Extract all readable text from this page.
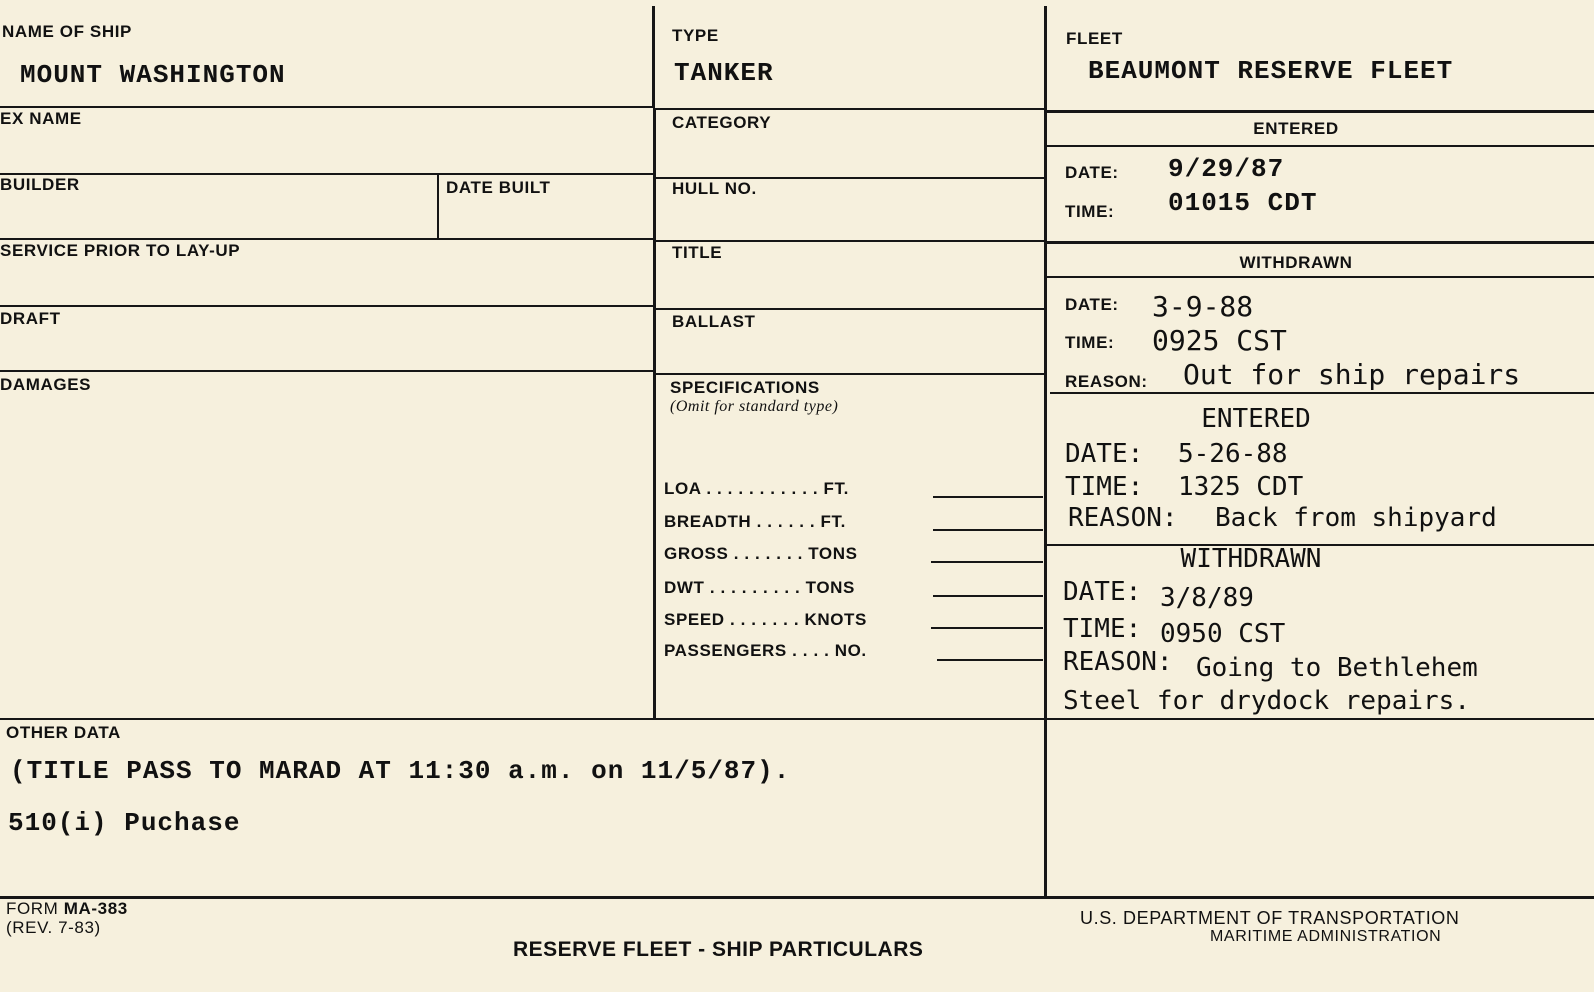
NAME OF SHIP
MOUNT WASHINGTON
EX NAME
BUILDER	DATE BUILT
SERVICE PRIOR TO LAY-UP
DRAFT
DAMAGES
TYPE
TANKER
CATEGORY
HULL NO.
TITLE
BALLAST
SPECIFICATIONS
(Omit for standard type)
LOA . . . . . . . . . . . FT.
BREADTH . . . . . . FT.
GROSS . . . . . . . TONS
DWT . . . . . . . . . TONS
SPEED . . . . . . . KNOTS
PASSENGERS . . . . NO.
FLEET
BEAUMONT RESERVE FLEET
ENTERED
DATE: 9/29/87
TIME: 01015 CDT
WITHDRAWN
DATE: 3-9-88
TIME: 0925 CST
REASON: Out for ship repairs
ENTERED
DATE: 5-26-88
TIME: 1325 CDT
REASON: Back from shipyard
WITHDRAWN
DATE: 3/8/89
TIME: 0950 CST
REASON: Going to Bethlehem
Steel for drydock repairs.
OTHER DATA
(TITLE PASS TO MARAD AT 11:30 a.m. on 11/5/87).
510(i) Puchase
FORM MA-383
(REV. 7-83)
RESERVE FLEET - SHIP PARTICULARS
U.S. DEPARTMENT OF TRANSPORTATION
MARITIME ADMINISTRATION
